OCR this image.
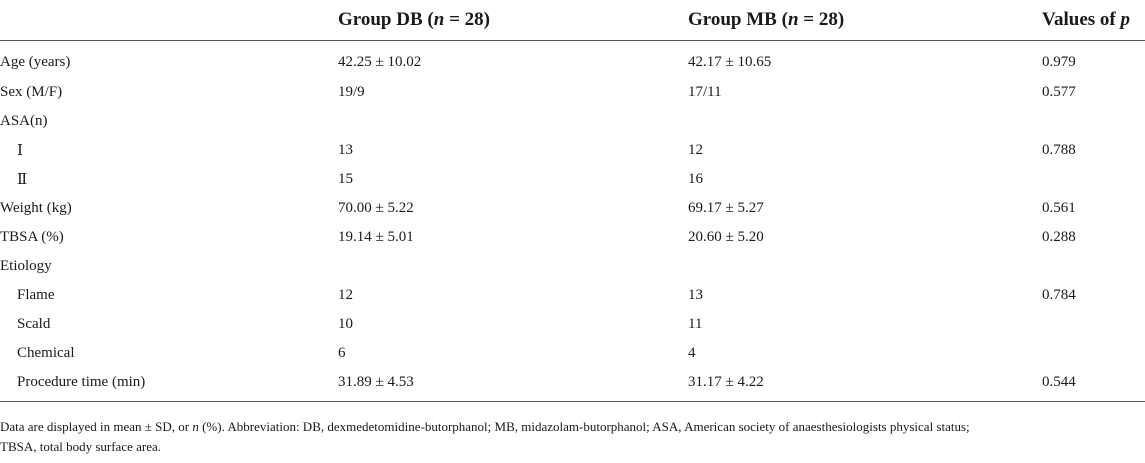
	Group DB (n = 28)	Group MB (n = 28)	Values of p
Age (years)	42.25 ± 10.02	42.17 ± 10.65	0.979
Sex (M/F)	19/9	17/11	0.577
ASA(n)			
Ⅰ	13	12	0.788
Ⅱ	15	16	
Weight (kg)	70.00 ± 5.22	69.17 ± 5.27	0.561
TBSA (%)	19.14 ± 5.01	20.60 ± 5.20	0.288
Etiology			
Flame	12	13	0.784
Scald	10	11	
Chemical	6	4	
Procedure time (min)	31.89 ± 4.53	31.17 ± 4.22	0.544
Data are displayed in mean ± SD, or n (%). Abbreviation: DB, dexmedetomidine-butorphanol; MB, midazolam-butorphanol; ASA, American society of anaesthesiologists physical status;
TBSA, total body surface area.
